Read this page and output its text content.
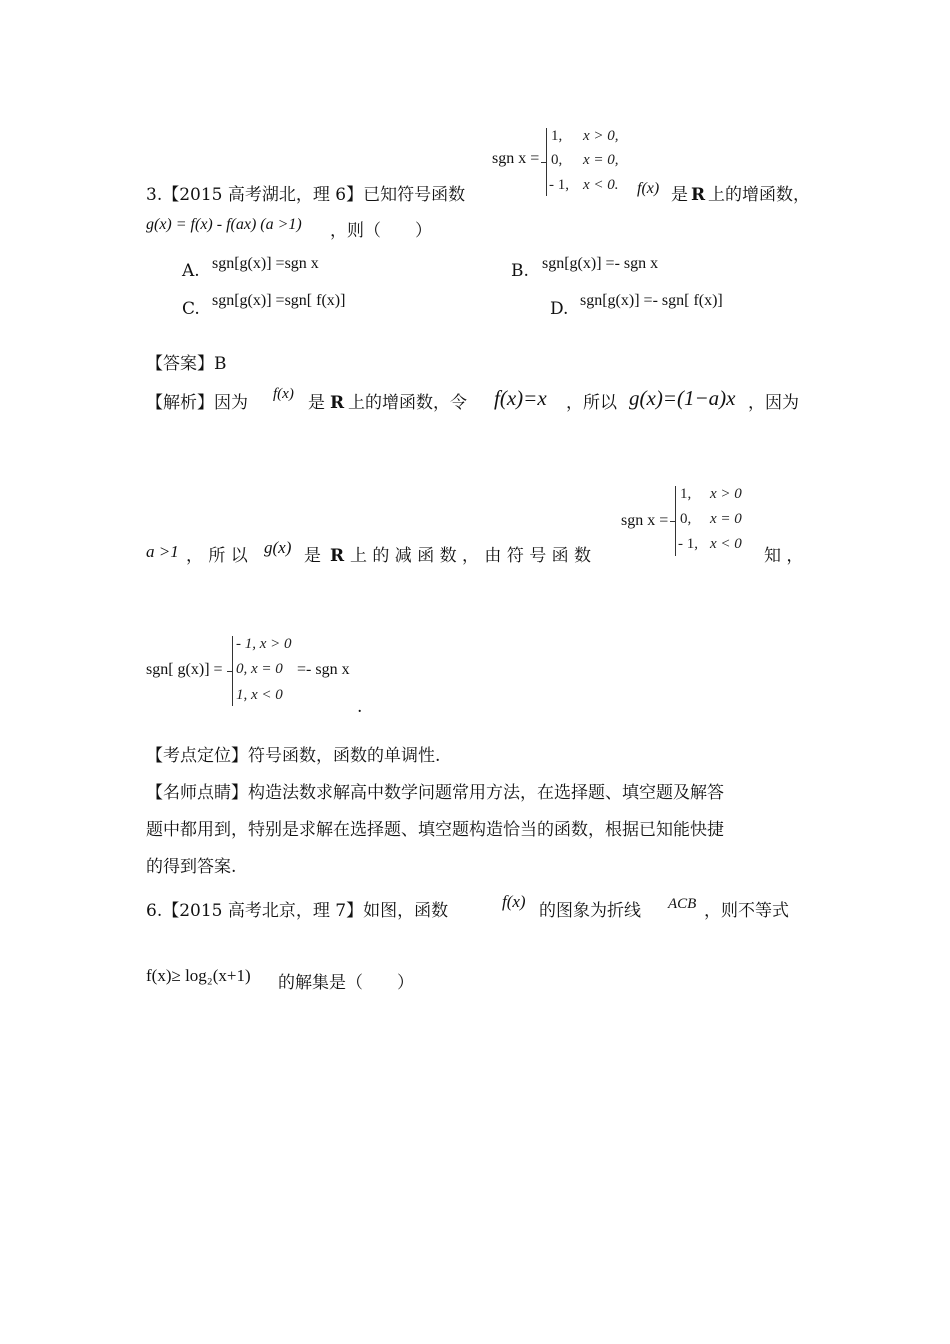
sgn x =
1, x > 0,
0, x = 0,
- 1, x < 0.
3.【2015 高考湖北，理 6】已知符号函数	f(x) 是 R 上的增函数，
g(x) = f(x) - f(ax) (a >1) ，则（　　）
A. sgn[g(x)] =sgn x	B. sgn[g(x)] =- sgn x
C. sgn[g(x)] =sgn[ f(x)]	D. sgn[g(x)] =- sgn[ f(x)]
【答案】B
【解析】因为 f(x) 是 R 上的增函数，令 f(x)=x ，所以 g(x)=(1−a)x ，因为
sgn x =
1, x > 0
0, x = 0
- 1, x < 0
a >1 ， 所 以 g(x) 是 R 上 的 减 函 数 ， 由 符 号 函 数	知 ，
sgn[ g(x)] =
- 1, x > 0
0, x = 0
1, x < 0
=- sgn x
.
【考点定位】符号函数，函数的单调性.
【名师点睛】构造法数求解高中数学问题常用方法，在选择题、填空题及解答
题中都用到，特别是求解在选择题、填空题构造恰当的函数，根据已知能快捷
的得到答案.
6.【2015 高考北京，理 7】如图，函数	f(x) 的图象为折线 ACB ，则不等式
f(x)≥ log₂(x+1) 的解集是（　　）
